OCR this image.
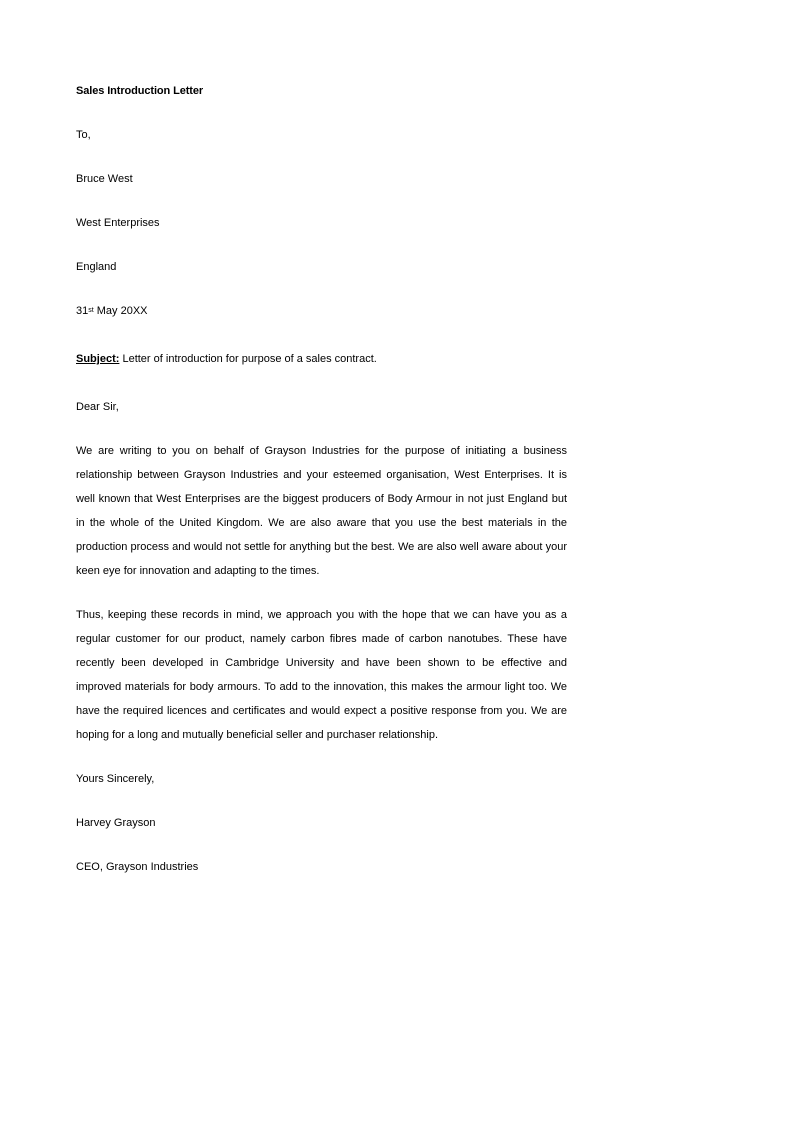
Sales Introduction Letter
To,
Bruce West
West Enterprises
England
31st May 20XX
Subject: Letter of introduction for purpose of a sales contract.
Dear Sir,

We are writing to you on behalf of Grayson Industries for the purpose of initiating a business relationship between Grayson Industries and your esteemed organisation, West Enterprises. It is well known that West Enterprises are the biggest producers of Body Armour in not just England but in the whole of the United Kingdom. We are also aware that you use the best materials in the production process and would not settle for anything but the best. We are also well aware about your keen eye for innovation and adapting to the times.

Thus, keeping these records in mind, we approach you with the hope that we can have you as a regular customer for our product, namely carbon fibres made of carbon nanotubes. These have recently been developed in Cambridge University and have been shown to be effective and improved materials for body armours. To add to the innovation, this makes the armour light too. We have the required licences and certificates and would expect a positive response from you. We are hoping for a long and mutually beneficial seller and purchaser relationship.

Yours Sincerely,
Harvey Grayson
CEO, Grayson Industries
